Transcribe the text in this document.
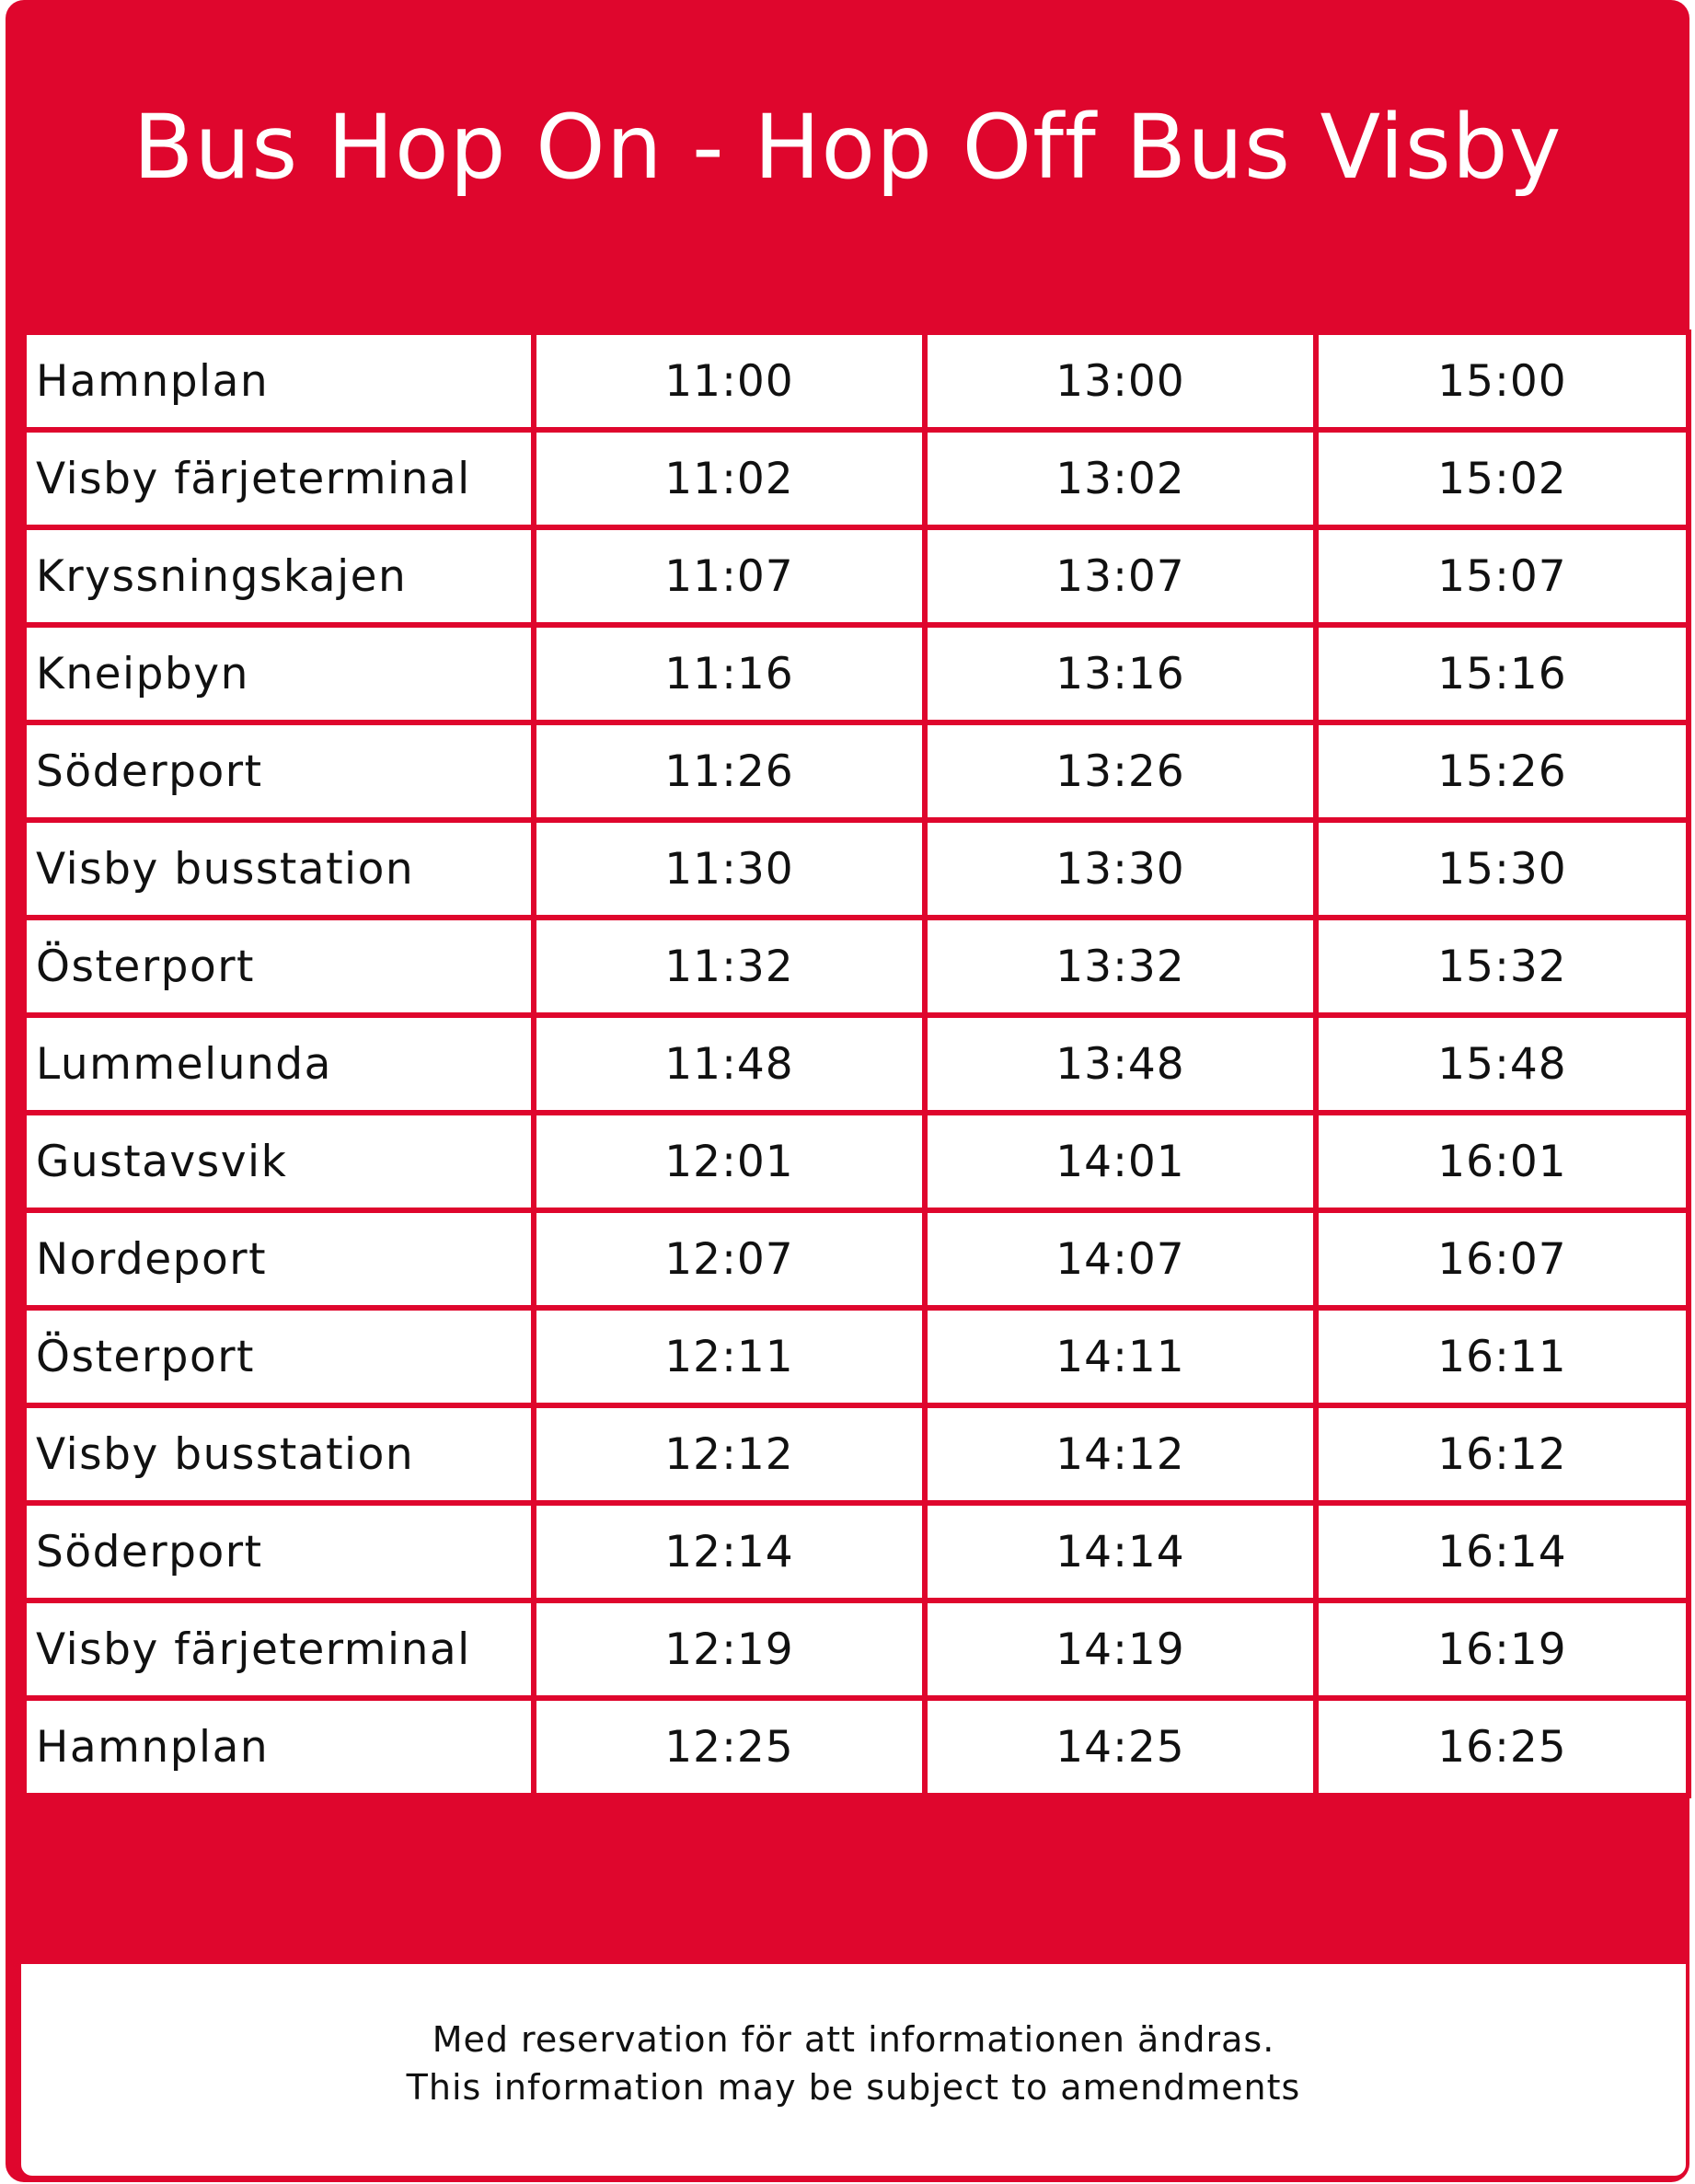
Bus Hop On - Hop Off Bus Visby
Hamnplan	11:00	13:00	15:00
Visby färjeterminal	11:02	13:02	15:02
Kryssningskajen	11:07	13:07	15:07
Kneipbyn	11:16	13:16	15:16
Söderport	11:26	13:26	15:26
Visby busstation	11:30	13:30	15:30
Österport	11:32	13:32	15:32
Lummelunda	11:48	13:48	15:48
Gustavsvik	12:01	14:01	16:01
Nordeport	12:07	14:07	16:07
Österport	12:11	14:11	16:11
Visby busstation	12:12	14:12	16:12
Söderport	12:14	14:14	16:14
Visby färjeterminal	12:19	14:19	16:19
Hamnplan	12:25	14:25	16:25
Med reservation för att informationen ändras.
This information may be subject to amendments
